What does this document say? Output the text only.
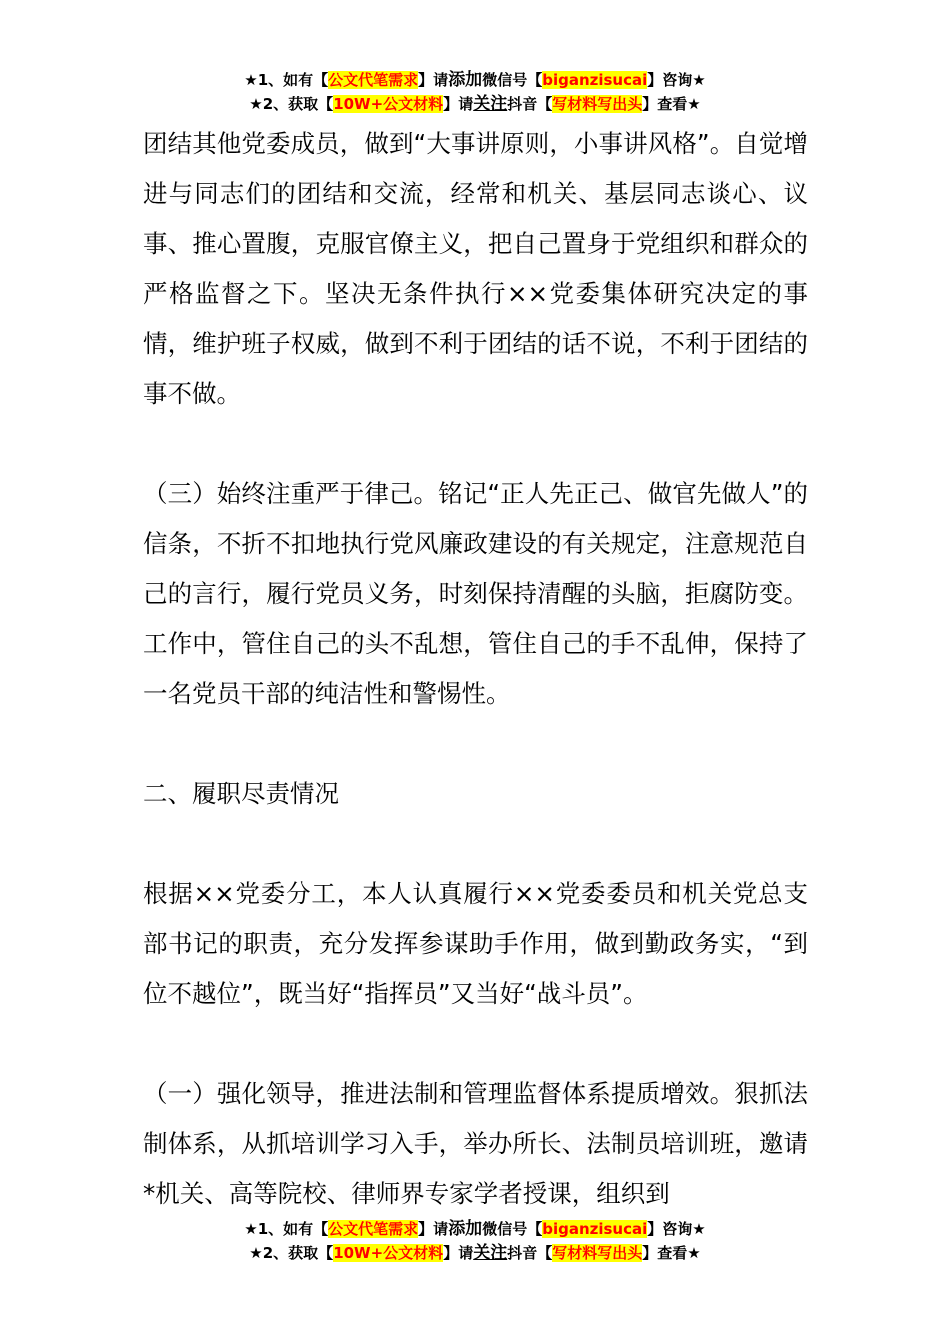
★1、如有【公文代笔需求】请添加微信号【biganzisucai】咨询★
★2、获取【10W+公文材料】请关注抖音【写材料写出头】查看★

团结其他党委成员，做到“大事讲原则，小事讲风格”。自觉增进与同志们的团结和交流，经常和机关、基层同志谈心、议事、推心置腹，克服官僚主义，把自己置身于党组织和群众的严格监督之下。坚决无条件执行××党委集体研究决定的事情，维护班子权威，做到不利于团结的话不说，不利于团结的事不做。

（三）始终注重严于律己。铭记“正人先正己、做官先做人”的信条，不折不扣地执行党风廉政建设的有关规定，注意规范自己的言行，履行党员义务，时刻保持清醒的头脑，拒腐防变。工作中，管住自己的头不乱想，管住自己的手不乱伸，保持了一名党员干部的纯洁性和警惕性。

二、履职尽责情况

根据××党委分工，本人认真履行××党委委员和机关党总支部书记的职责，充分发挥参谋助手作用，做到勤政务实，“到位不越位”，既当好“指挥员”又当好“战斗员”。

（一）强化领导，推进法制和管理监督体系提质增效。狠抓法制体系，从抓培训学习入手，举办所长、法制员培训班，邀请*机关、高等院校、律师界专家学者授课，组织到

★1、如有【公文代笔需求】请添加微信号【biganzisucai】咨询★
★2、获取【10W+公文材料】请关注抖音【写材料写出头】查看★
